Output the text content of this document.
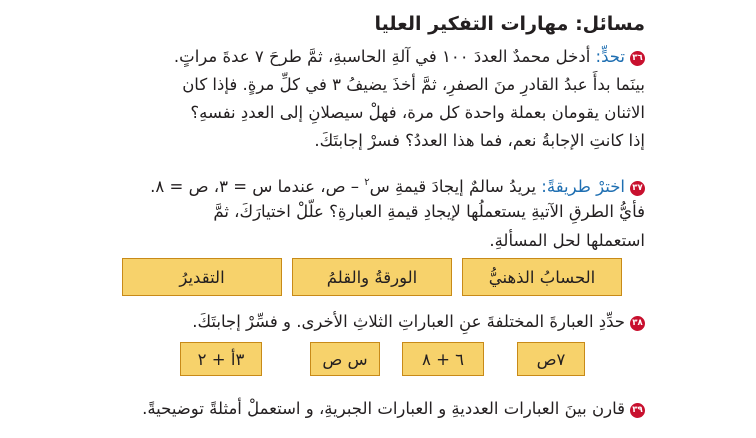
مسائل: مهارات التفكير العليا
٣٦تحدٍّ: أدخل محمدٌ العددَ ١٠٠ في آلةِ الحاسبةِ، ثمَّ طرحَ ٧ عدةَ مراتٍ.
بينَما بدأَ عبدُ القادرِ منَ الصفرِ، ثمَّ أخذَ يضيفُ ٣ في كلِّ مرةٍ. فإذا كان
الاثنان يقومان بعملة واحدة كل مرة، فهلْ سيصلانِ إلى العددِ نفسهِ؟
إذا كانتِ الإجابةُ نعم، فما هذا العددُ؟ فسرْ إجابتَكَ.
٣٧اخترْ طريقةً: يريدُ سالمٌ إيجادَ قيمةِ س$^٢$ – ص، عندما س = ٣، ص = ٨.
فأيُّ الطرقِ الآتيةِ يستعملُها لإيجادِ قيمةِ العبارةِ؟ علّلْ اختيارَكَ، ثمَّ
استعملها لحل المسألةِ.
الحسابُ الذهنيُّ
الورقةُ والقلمُ
التقديرُ
٣٨حدِّدِ العبارةَ المختلفةَ عنِ العباراتِ الثلاثِ الأخرى. و فسِّرْ إجابتَكَ.
٧ص
٦ + ٨
س ص
٣أ + ٢
٣٩قارن بينَ العبارات العدديةِ و العبارات الجبريةِ، و استعملْ أمثلةً توضيحيةً.
